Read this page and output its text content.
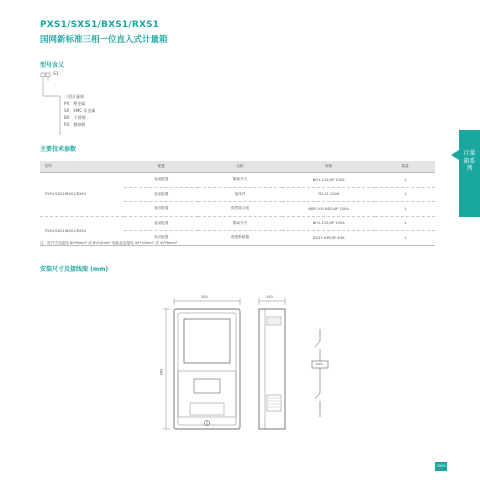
PXS1/SXS1/BXS1/RXS1
国网新标准三相一位直入式计量箱
计量箱系列
型号含义
S1
三相计量箱
PX：塑金属
SX：SMC 非金属
BX：不锈钢
RX：膜钢板
主要技术参数
型号	配置	名称	规格	数量
PXS1/SXS1/BXS1/RXS1	表前配置	隔离开关	NH1-125/4P 100A	1
	表室配置	接线件	YD-S1 100A	1
	表后配置	微型重合闸	NBP-100 NDS/4P 100A	1
PXS1/SXS1/BXS1/RXS1	表前配置	隔离开关	NH1-125/4P 100A	1
	表后配置	微型断路器	DZ47-63R/4P 63A	1
注：进开关连接线 8V*6mm² 或 8V10mm² 电能表连接线 4V*10mm² 或 4V*6mm²
安装尺寸及接线图 (mm)
300
480
140
KWh
0000
